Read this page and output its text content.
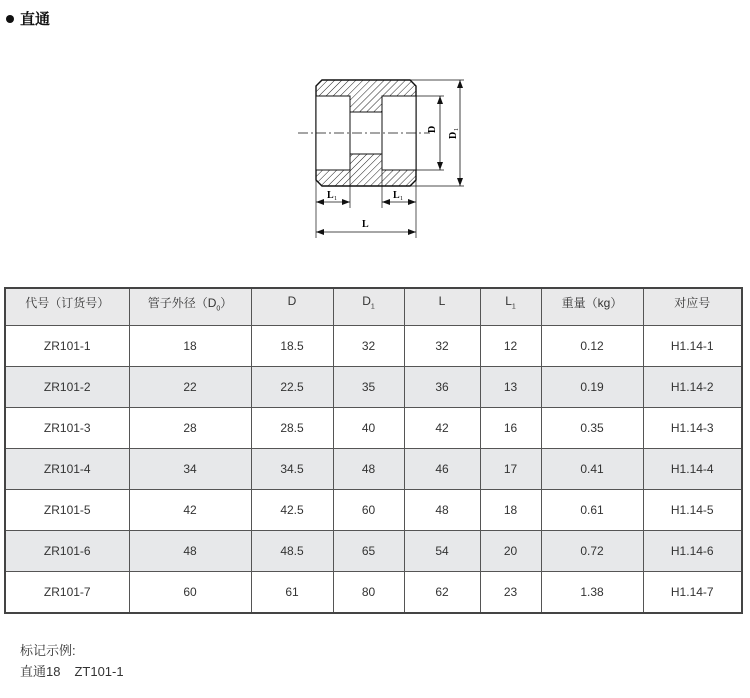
直通
D
D
1
L 1	L 1
L
代号（订货号）	管子外径$(D_0)$	D	$D_1$	L	$L_1$	重量（kg）	对应号
ZR101-1	18	18.5	32	32	12	0.12	H1.14-1
ZR101-2	22	22.5	35	36	13	0.19	H1.14-2
ZR101-3	28	28.5	40	42	16	0.35	H1.14-3
ZR101-4	34	34.5	48	46	17	0.41	H1.14-4
ZR101-5	42	42.5	60	48	18	0.61	H1.14-5
ZR101-6	48	48.5	65	54	20	0.72	H1.14-6
ZR101-7	60	61	80	62	23	1.38	H1.14-7
标记示例:
直通18 ZT101-1
